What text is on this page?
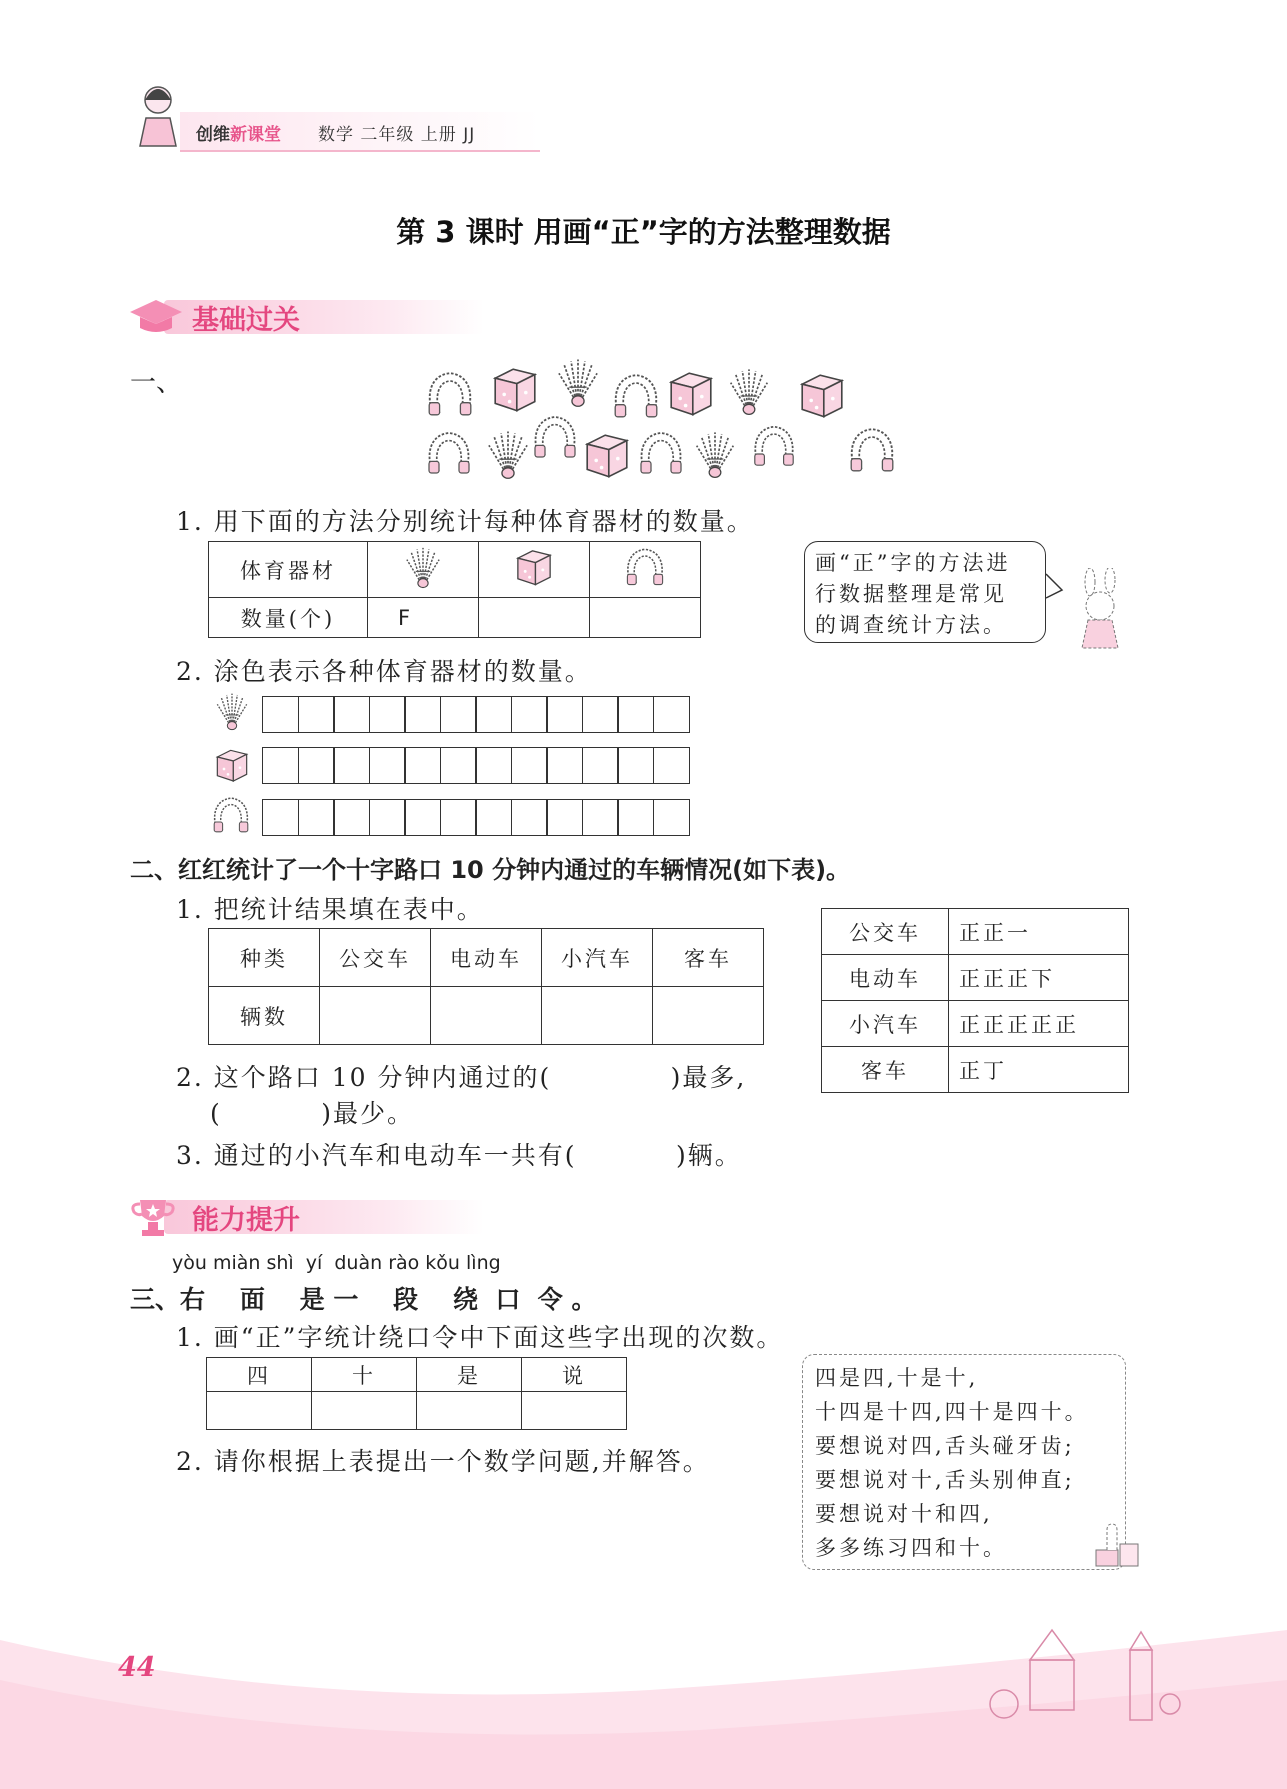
创维新课堂 数学 二年级 上册 JJ
第 3 课时 用画“正”字的方法整理数据
基础过关
一、
1. 用下面的方法分别统计每种体育器材的数量。
体育器材			
数量(个)	F		
画“正”字的方法进
行数据整理是常见
的调查统计方法。
2. 涂色表示各种体育器材的数量。
二、红红统计了一个十字路口 10 分钟内通过的车辆情况(如下表)。
1. 把统计结果填在表中。
种类	公交车	电动车	小汽车	客车
辆数				
公交车	正正一
电动车	正正正下
小汽车	正正正正正
客车	正丁
2. 这个路口 10 分钟内通过的(            )最多,
(          )最少。
3. 通过的小汽车和电动车一共有(          )辆。
能力提升
yòu miàn shì  yí  duàn rào kǒu lìng
三、右    面    是 一    段    绕  口  令 。
1. 画“正”字统计绕口令中下面这些字出现的次数。
四	十	是	说

2. 请你根据上表提出一个数学问题,并解答。
四是四,十是十,
十四是十四,四十是四十。
要想说对四,舌头碰牙齿;
要想说对十,舌头别伸直;
要想说对十和四,
多多练习四和十。
44
